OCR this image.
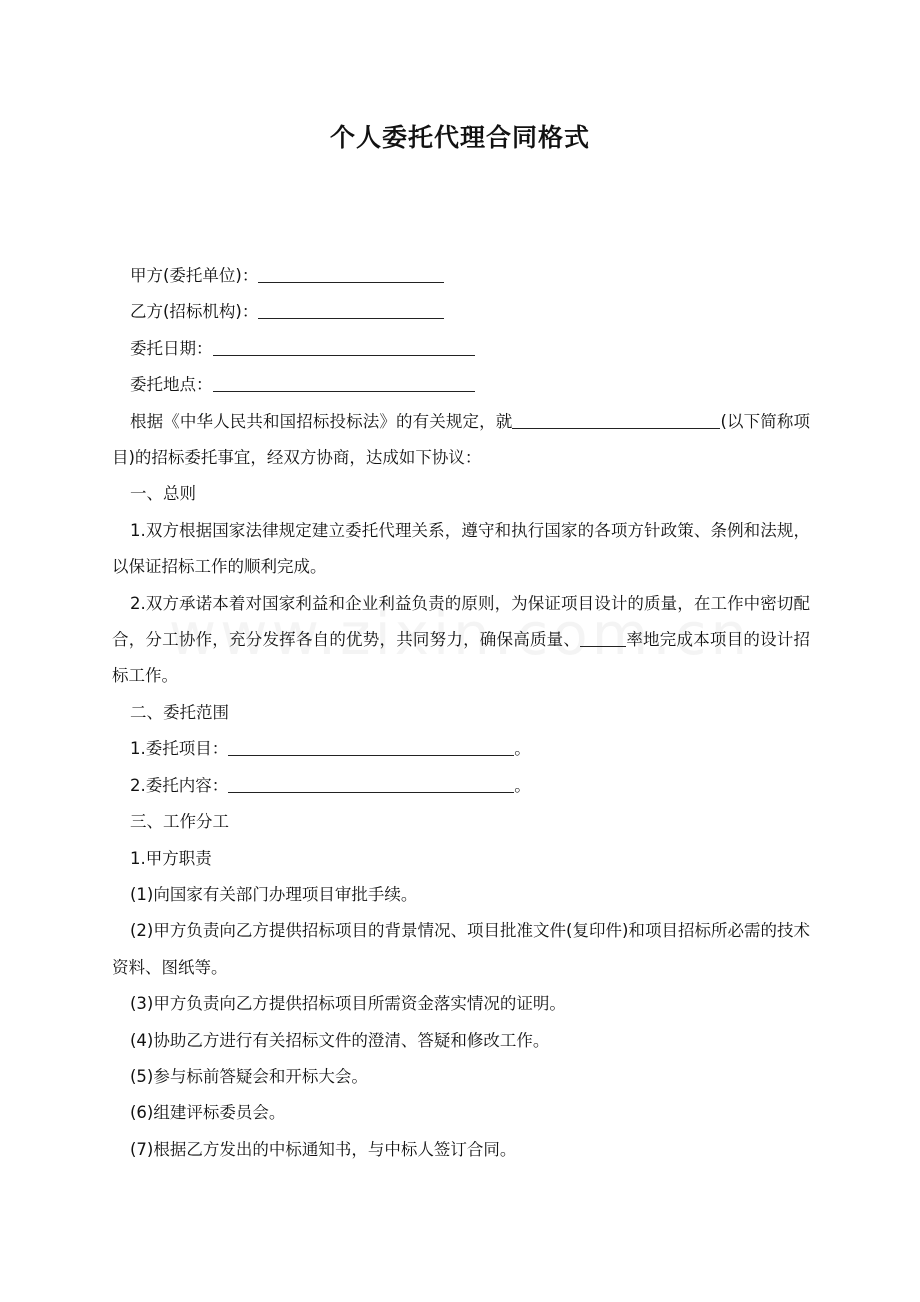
个人委托代理合同格式

甲方(委托单位)：

乙方(招标机构)：

委托日期：

委托地点：

根据《中华人民共和国招标投标法》的有关规定，就	(以下简称项目)的招标委托事宜，经双方协商，达成如下协议：

一、总则

1.双方根据国家法律规定建立委托代理关系，遵守和执行国家的各项方针政策、条例和法规，以保证招标工作的顺利完成。

2.双方承诺本着对国家利益和企业利益负责的原则，为保证项目设计的质量，在工作中密切配合，分工协作，充分发挥各自的优势，共同努力，确保高质量、	率地完成本项目的设计招标工作。

二、委托范围

1.委托项目：	。

2.委托内容：	。

三、工作分工

1.甲方职责

(1)向国家有关部门办理项目审批手续。

(2)甲方负责向乙方提供招标项目的背景情况、项目批准文件(复印件)和项目招标所必需的技术资料、图纸等。

(3)甲方负责向乙方提供招标项目所需资金落实情况的证明。

(4)协助乙方进行有关招标文件的澄清、答疑和修改工作。

(5)参与标前答疑会和开标大会。

(6)组建评标委员会。

(7)根据乙方发出的中标通知书，与中标人签订合同。
